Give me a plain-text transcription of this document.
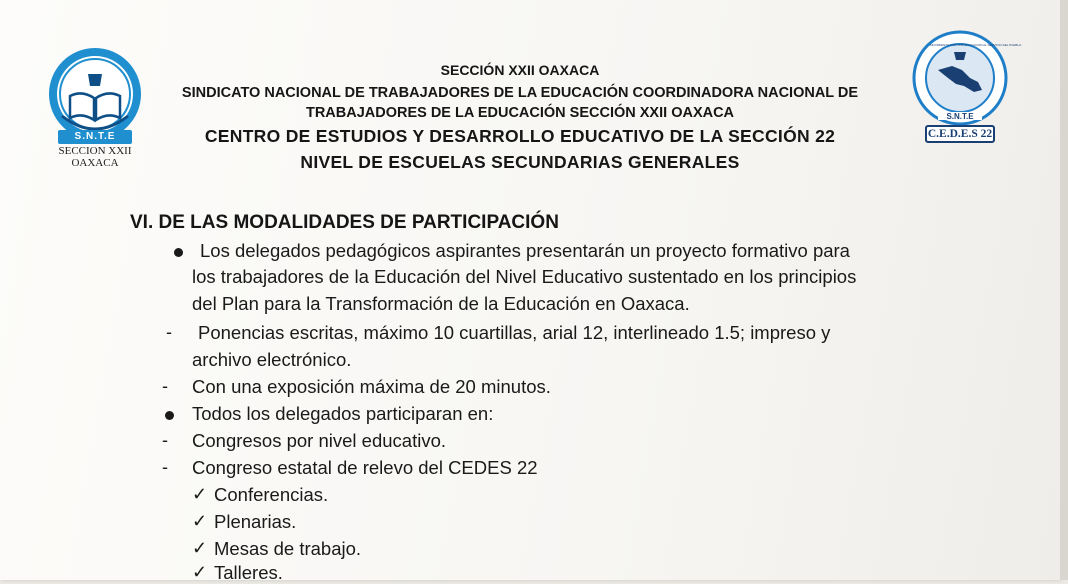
S.N.T.E
SECCION XXII
OAXACA
S.N.T.E
C.E.D.E.S 22
MOVIMIENTO POR UNA EDUCACION AL SERVICIO DEL PUEBLO
SECCIÓN XXII OAXACA
SINDICATO NACIONAL DE TRABAJADORES DE LA EDUCACIÓN COORDINADORA NACIONAL DE
TRABAJADORES DE LA EDUCACIÓN SECCIÓN XXII OAXACA
CENTRO DE ESTUDIOS Y DESARROLLO EDUCATIVO DE LA SECCIÓN 22
NIVEL DE ESCUELAS SECUNDARIAS GENERALES
VI. DE LAS MODALIDADES DE PARTICIPACIÓN
Los delegados pedagógicos aspirantes presentarán un proyecto formativo para
los trabajadores de la Educación del Nivel Educativo sustentado en los principios
del Plan para la Transformación de la Educación en Oaxaca.
- Ponencias escritas, máximo 10 cuartillas, arial 12, interlineado 1.5; impreso y
archivo electrónico.
- Con una exposición máxima de 20 minutos.
Todos los delegados participaran en:
- Congresos por nivel educativo.
- Congreso estatal de relevo del CEDES 22
✓ Conferencias.
✓ Plenarias.
✓ Mesas de trabajo.
✓ Talleres.
